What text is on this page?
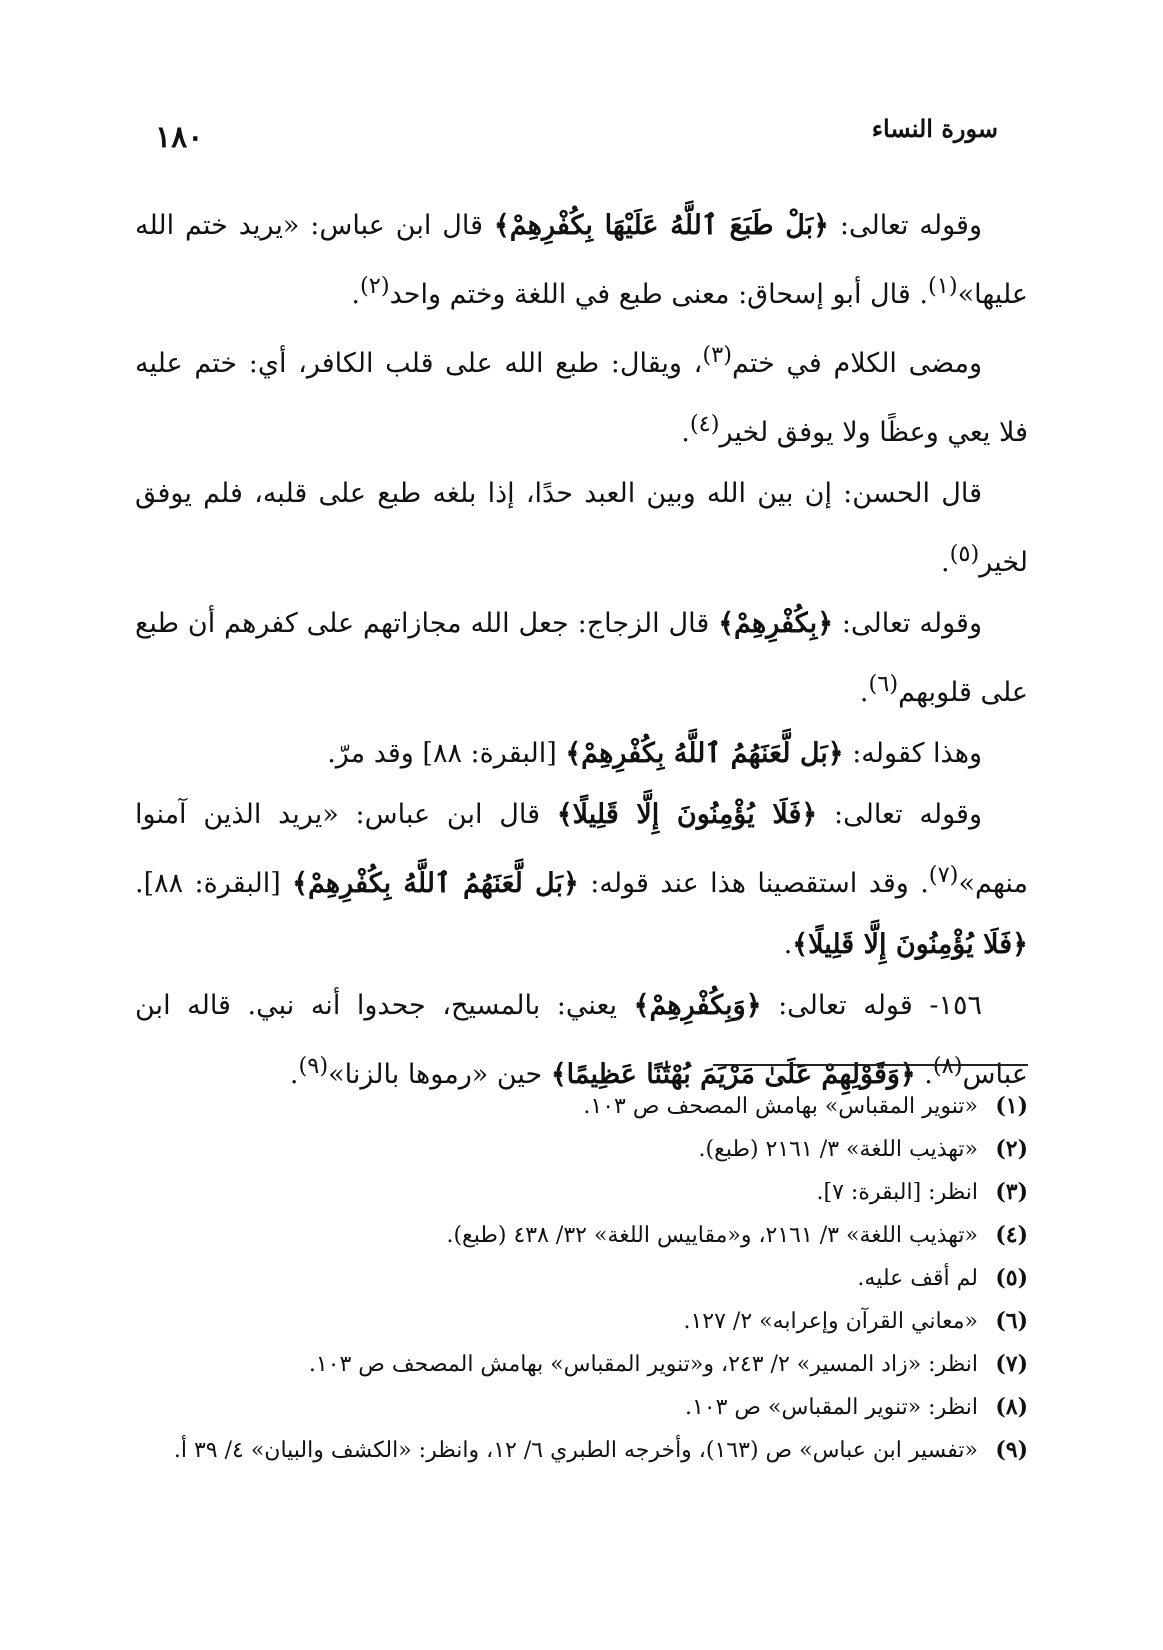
سورة النساء
١٨٠

وقوله تعالى: ﴿بَلْ طَبَعَ ٱللَّهُ عَلَيْهَا بِكُفْرِهِمْ﴾ قال ابن عباس: «يريد ختم الله عليها»$^{(١)}$. قال أبو إسحاق: معنى طبع في اللغة وختم واحد$^{(٢)}$.

ومضى الكلام في ختم$^{(٣)}$، ويقال: طبع الله على قلب الكافر، أي: ختم عليه فلا يعي وعظًا ولا يوفق لخير$^{(٤)}$.

قال الحسن: إن بين الله وبين العبد حدًا، إذا بلغه طبع على قلبه، فلم يوفق لخير$^{(٥)}$.

وقوله تعالى: ﴿بِكُفْرِهِمْ﴾ قال الزجاج: جعل الله مجازاتهم على كفرهم أن طبع على قلوبهم$^{(٦)}$.

وهذا كقوله: ﴿بَل لَّعَنَهُمُ ٱللَّهُ بِكُفْرِهِمْ﴾ [البقرة: ٨٨] وقد مرّ.

وقوله تعالى: ﴿فَلَا يُؤْمِنُونَ إِلَّا قَلِيلًا﴾ قال ابن عباس: «يريد الذين آمنوا منهم»$^{(٧)}$. وقد استقصينا هذا عند قوله: ﴿بَل لَّعَنَهُمُ ٱللَّهُ بِكُفْرِهِمْ﴾ [البقرة: ٨٨]. ﴿فَلَا يُؤْمِنُونَ إِلَّا قَلِيلًا﴾.

١٥٦- قوله تعالى: ﴿وَبِكُفْرِهِمْ﴾ يعني: بالمسيح، جحدوا أنه نبي. قاله ابن عباس$^{(٨)}$. ﴿وَقَوْلِهِمْ عَلَىٰ مَرْيَمَ بُهْتَٰنًا عَظِيمًا﴾ حين «رموها بالزنا»$^{(٩)}$.

(١)
«تنوير المقباس» بهامش المصحف ص ١٠٣.
(٢)
«تهذيب اللغة» ٣/ ٢١٦١ (طبع).
(٣)
انظر: [البقرة: ٧].
(٤)
«تهذيب اللغة» ٣/ ٢١٦١، و«مقاييس اللغة» ٣٢/ ٤٣٨ (طبع).
(٥)
لم أقف عليه.
(٦)
«معاني القرآن وإعرابه» ٢/ ١٢٧.
(٧)
انظر: «زاد المسير» ٢/ ٢٤٣، و«تنوير المقباس» بهامش المصحف ص ١٠٣.
(٨)
انظر: «تنوير المقباس» ص ١٠٣.
(٩)
«تفسير ابن عباس» ص (١٦٣)، وأخرجه الطبري ٦/ ١٢، وانظر: «الكشف والبيان» ٤/ ٣٩ أ.
